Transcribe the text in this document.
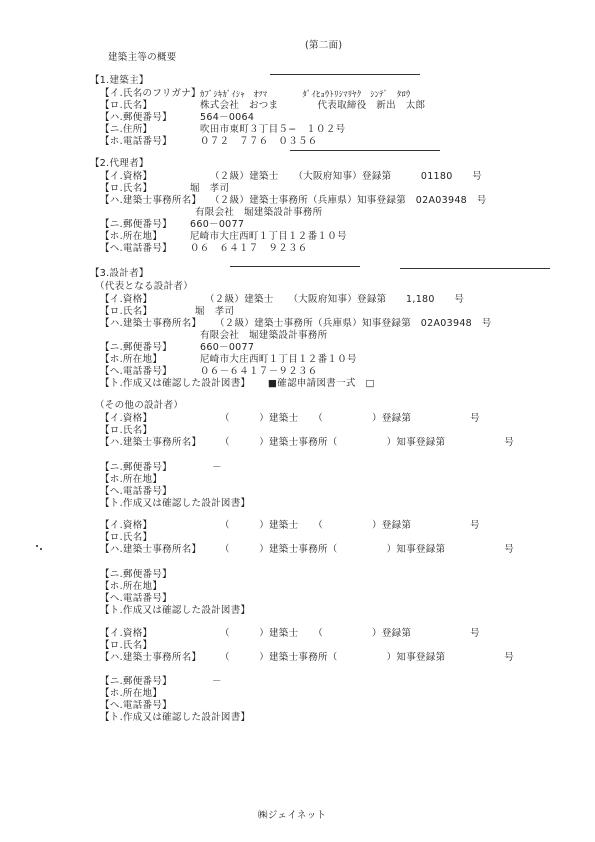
(第二面)
建築主等の概要
【1.建築主】
【イ.氏名のフリガナ】 ｶﾌﾞｼｷｶﾞｲｼｬ　ｵﾂﾏ　　　　ﾀﾞｲﾋｮｳﾄﾘｼﾏﾘﾔｸ　ｼﾝﾃﾞ　ﾀﾛｳ
【ロ.氏名】	株式会社　おつま　　　　代表取締役　新出　太郎
【ハ.郵便番号】	564－0064
【ニ.住所】	吹田市東町３丁目５−　１０２号
【ホ.電話番号】	０７２　７７６　０３５６
【2.代理者】
【イ.資格】	（２級）建築士　　（大阪府知事）登録第　　　01180　　号
【ロ.氏名】	堀　孝司
【ハ.建築士事務所名】 （２級）建築士事務所（兵庫県）知事登録第　02A03948　号
有限会社　堀建築設計事務所
【ニ.郵便番号】 660－0077
【ホ.所在地】	尼崎市大庄西町１丁目１２番１０号
【ヘ.電話番号】 ０６　６４１７　９２３６
【3.設計者】
（代表となる設計者）
【イ.資格】	（２級）建築士　　（大阪府知事）登録第　　1,180　　号
【ロ.氏名】	堀　孝司
【ハ.建築士事務所名】 （２級）建築士事務所（兵庫県）知事登録第　02A03948　号
有限会社　堀建築設計事務所
【ニ.郵便番号】	660－0077
【ホ.所在地】	尼崎市大庄西町１丁目１２番１０号
【ヘ.電話番号】	０６－６４１７－９２３６
【ト.作成又は確認した設計図書】 ■確認申請図書一式　□
（その他の設計者）
【イ.資格】	（　　　）建築士　　（　　　　　）登録第　　　　　　号
【ロ.氏名】
【ハ.建築士事務所名】 （　　　）建築士事務所（　　　　　）知事登録第　　　　　　号
【ニ.郵便番号】	－
【ホ.所在地】
【ヘ.電話番号】
【ト.作成又は確認した設計図書】
【イ.資格】	（　　　）建築士　　（　　　　　）登録第　　　　　　号
【ロ.氏名】
【ハ.建築士事務所名】 （　　　）建築士事務所（　　　　　）知事登録第　　　　　　号
【ニ.郵便番号】
【ホ.所在地】
【ヘ.電話番号】
【ト.作成又は確認した設計図書】
【イ.資格】	（　　　）建築士　　（　　　　　）登録第　　　　　　号
【ロ.氏名】
【ハ.建築士事務所名】 （　　　）建築士事務所（　　　　　）知事登録第　　　　　　号
【ニ.郵便番号】	－
【ホ.所在地】
【ヘ.電話番号】
【ト.作成又は確認した設計図書】
㈱ジェイネット
